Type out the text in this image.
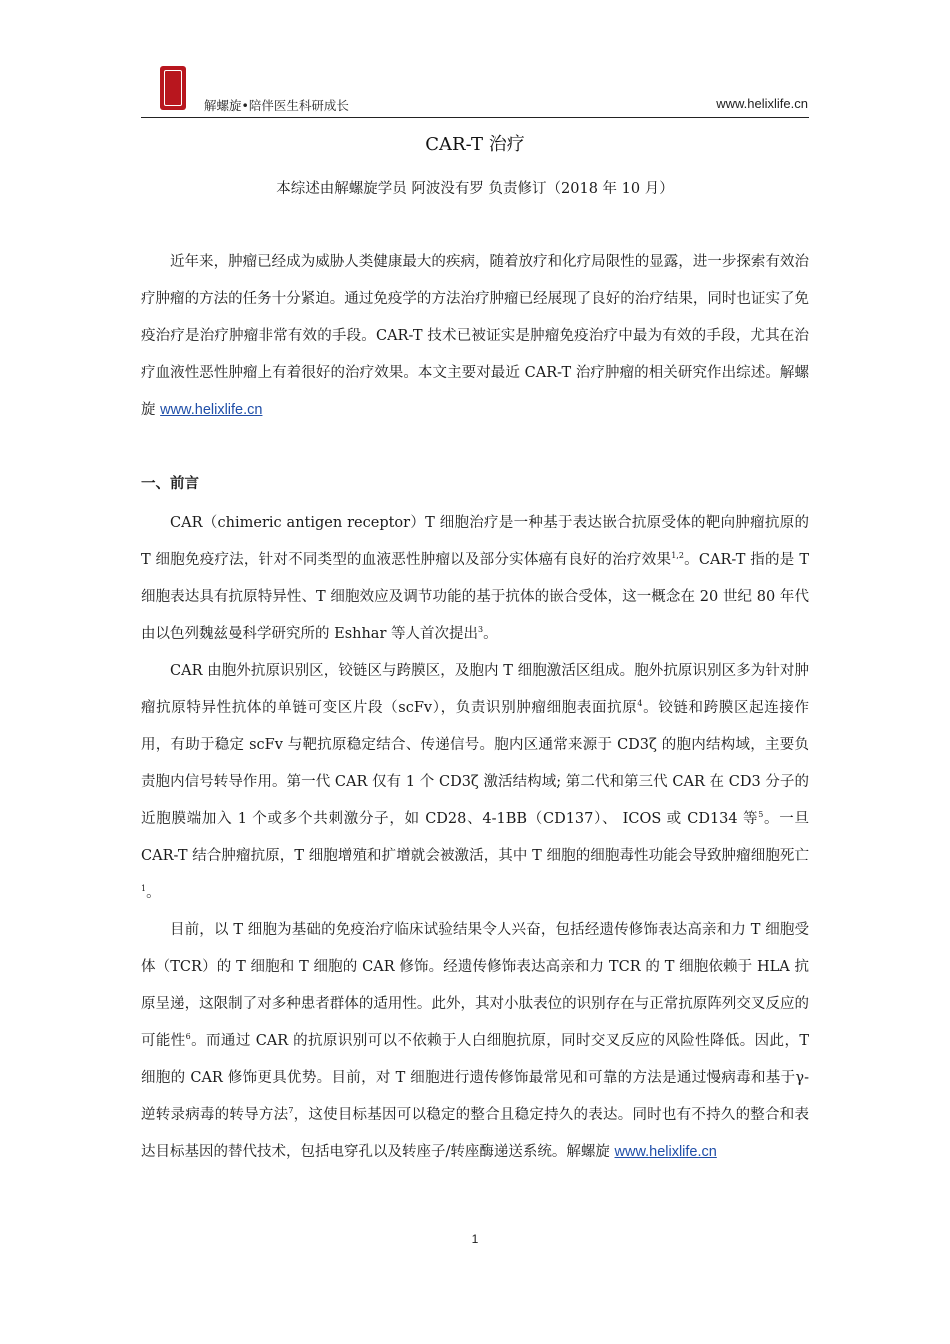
解螺旋•陪伴医生科研成长	www.helixlife.cn
CAR-T 治疗
本综述由解螺旋学员 阿波没有罗 负责修订（2018 年 10 月）

近年来，肿瘤已经成为威胁人类健康最大的疾病，随着放疗和化疗局限性的显露，进一步探索有效治疗肿瘤的方法的任务十分紧迫。通过免疫学的方法治疗肿瘤已经展现了良好的治疗结果，同时也证实了免疫治疗是治疗肿瘤非常有效的手段。CAR-T 技术已被证实是肿瘤免疫治疗中最为有效的手段，尤其在治疗血液性恶性肿瘤上有着很好的治疗效果。本文主要对最近 CAR-T 治疗肿瘤的相关研究作出综述。解螺旋 www.helixlife.cn

一、前言

CAR（chimeric antigen receptor）T 细胞治疗是一种基于表达嵌合抗原受体的靶向肿瘤抗原的 T 细胞免疫疗法，针对不同类型的血液恶性肿瘤以及部分实体癌有良好的治疗效果$^{1,2}$。CAR-T 指的是 T 细胞表达具有抗原特异性、T 细胞效应及调节功能的基于抗体的嵌合受体，这一概念在 20 世纪 80 年代由以色列魏兹曼科学研究所的 Eshhar 等人首次提出$^3$。

CAR 由胞外抗原识别区，铰链区与跨膜区，及胞内 T 细胞激活区组成。胞外抗原识别区多为针对肿瘤抗原特异性抗体的单链可变区片段（scFv），负责识别肿瘤细胞表面抗原$^4$。铰链和跨膜区起连接作用，有助于稳定 scFv 与靶抗原稳定结合、传递信号。胞内区通常来源于 CD3ζ 的胞内结构域，主要负责胞内信号转导作用。第一代 CAR 仅有 1 个 CD3ζ 激活结构域; 第二代和第三代 CAR 在 CD3 分子的近胞膜端加入 1 个或多个共刺激分子，如 CD28、4-1BB（CD137）、 ICOS 或 CD134 等$^5$。一旦 CAR-T 结合肿瘤抗原，T 细胞增殖和扩增就会被激活，其中 T 细胞的细胞毒性功能会导致肿瘤细胞死亡$^1$。

目前，以 T 细胞为基础的免疫治疗临床试验结果令人兴奋，包括经遗传修饰表达高亲和力 T 细胞受体（TCR）的 T 细胞和 T 细胞的 CAR 修饰。经遗传修饰表达高亲和力 TCR 的 T 细胞依赖于 HLA 抗原呈递，这限制了对多种患者群体的适用性。此外，其对小肽表位的识别存在与正常抗原阵列交叉反应的可能性$^6$。而通过 CAR 的抗原识别可以不依赖于人白细胞抗原，同时交叉反应的风险性降低。因此，T 细胞的 CAR 修饰更具优势。目前，对 T 细胞进行遗传修饰最常见和可靠的方法是通过慢病毒和基于γ-逆转录病毒的转导方法$^7$，这使目标基因可以稳定的整合且稳定持久的表达。同时也有不持久的整合和表达目标基因的替代技术，包括电穿孔以及转座子/转座酶递送系统。解螺旋 www.helixlife.cn

1
